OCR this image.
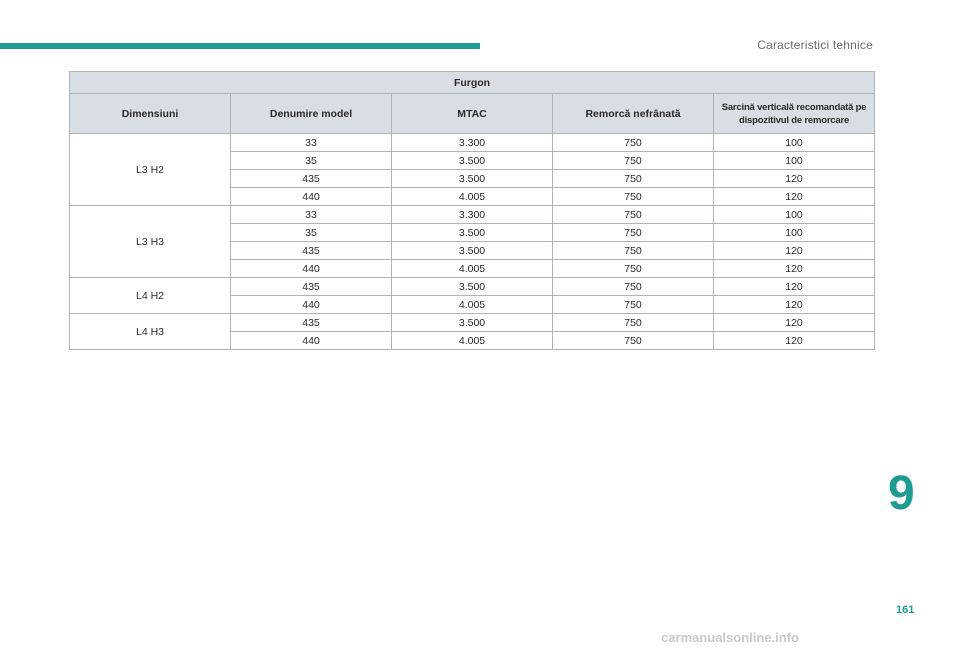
Caracteristici tehnice
Furgon				
Dimensiuni	Denumire model	MTAC	Remorcă nefrânată	Sarcină verticală recomandată pe dispozitivul de remorcare
L3 H2	33	3.300	750	100
	35	3.500	750	100
	435	3.500	750	120
	440	4.005	750	120
L3 H3	33	3.300	750	100
	35	3.500	750	100
	435	3.500	750	120
	440	4.005	750	120
L4 H2	435	3.500	750	120
	440	4.005	750	120
L4 H3	435	3.500	750	120
	440	4.005	750	120
9
161
carmanualsonline.info
